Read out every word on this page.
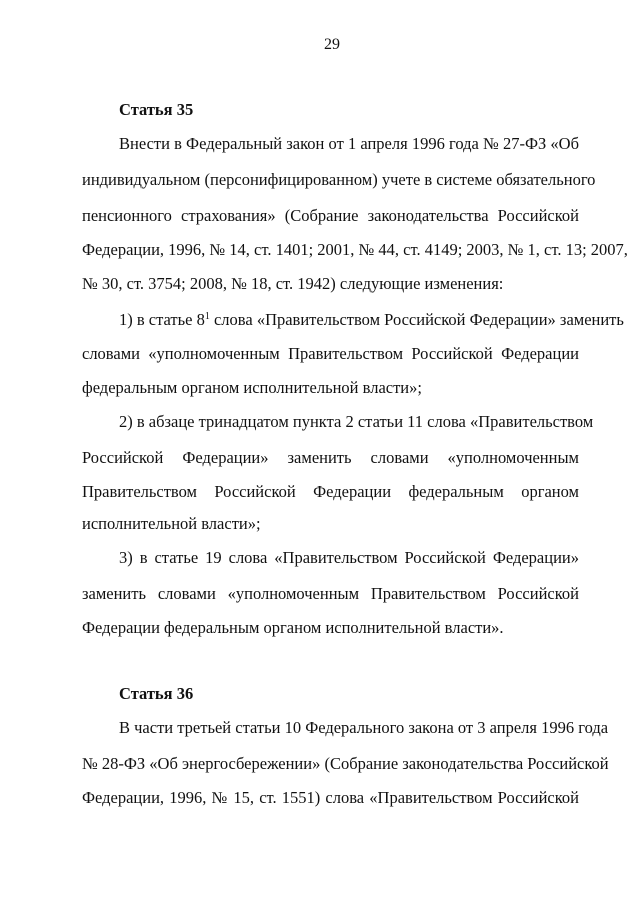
29
Статья 35
Внести в Федеральный закон от 1 апреля 1996 года № 27-ФЗ «Об
индивидуальном (персонифицированном) учете в системе обязательного
пенсионного страхования» (Собрание законодательства Российской
Федерации, 1996, № 14, ст. 1401; 2001, № 44, ст. 4149; 2003, № 1, ст. 13; 2007,
№ 30, ст. 3754; 2008, № 18, ст. 1942) следующие изменения:
1) в статье $8^1$ слова «Правительством Российской Федерации» заменить
словами «уполномоченным Правительством Российской Федерации
федеральным органом исполнительной власти»;
2) в абзаце тринадцатом пункта 2 статьи 11 слова «Правительством
Российской Федерации» заменить словами «уполномоченным
Правительством Российской Федерации федеральным органом
исполнительной власти»;
3) в статье 19 слова «Правительством Российской Федерации»
заменить словами «уполномоченным Правительством Российской
Федерации федеральным органом исполнительной власти».
Статья 36
В части третьей статьи 10 Федерального закона от 3 апреля 1996 года
№ 28-ФЗ «Об энергосбережении» (Собрание законодательства Российской
Федерации, 1996, № 15, ст. 1551) слова «Правительством Российской
